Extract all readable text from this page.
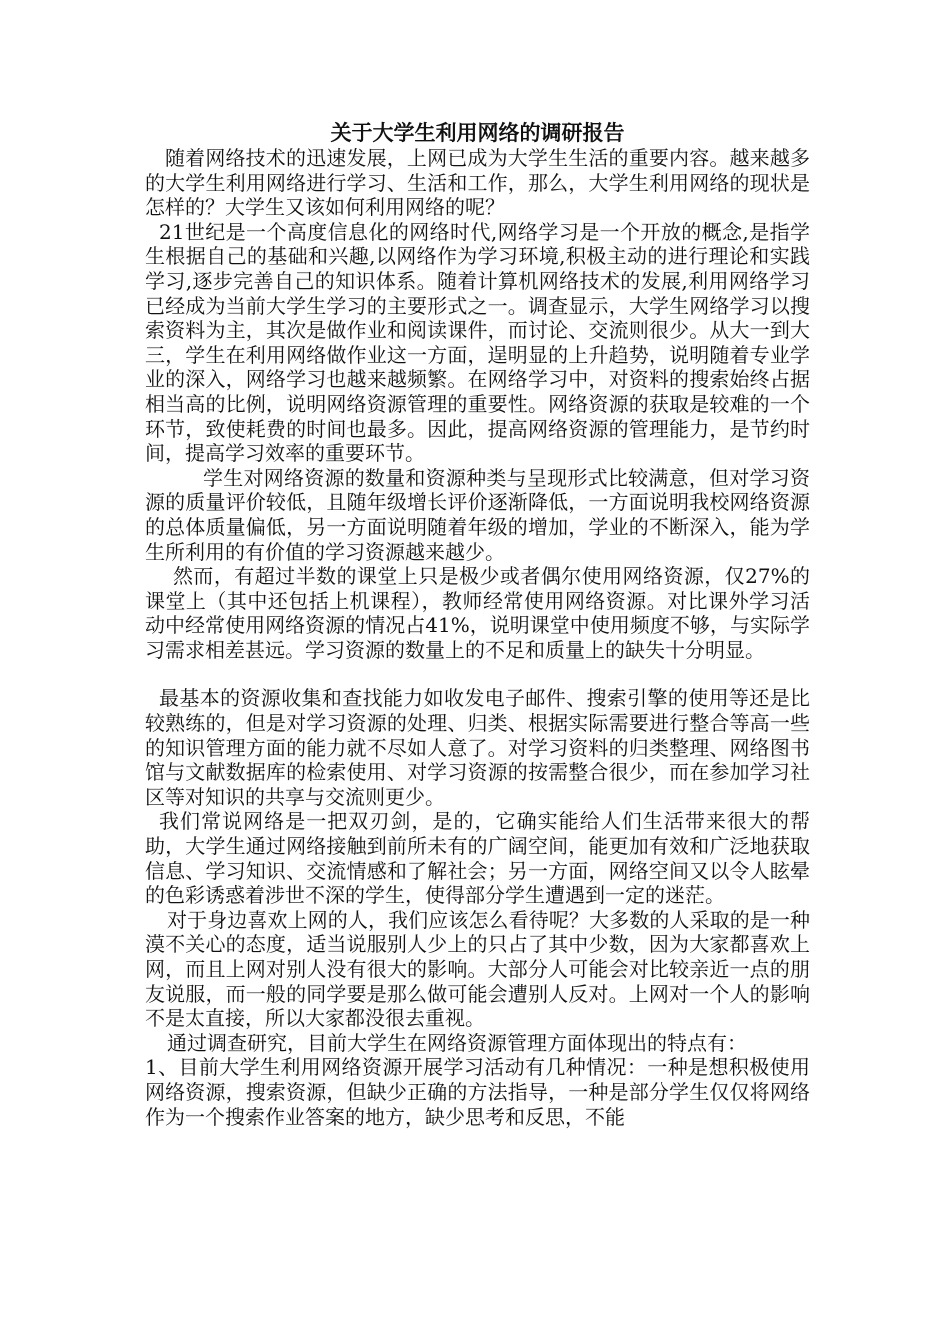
关于大学生利用网络的调研报告

随着网络技术的迅速发展，上网已成为大学生生活的重要内容。越来越多的大学生利用网络进行学习、生活和工作，那么，大学生利用网络的现状是怎样的？大学生又该如何利用网络的呢？

21世纪是一个高度信息化的网络时代,网络学习是一个开放的概念,是指学生根据自己的基础和兴趣,以网络作为学习环境,积极主动的进行理论和实践学习,逐步完善自己的知识体系。随着计算机网络技术的发展,利用网络学习已经成为当前大学生学习的主要形式之一。调查显示，大学生网络学习以搜索资料为主，其次是做作业和阅读课件，而讨论、交流则很少。从大一到大三，学生在利用网络做作业这一方面，逞明显的上升趋势，说明随着专业学业的深入，网络学习也越来越频繁。在网络学习中，对资料的搜索始终占据相当高的比例，说明网络资源管理的重要性。网络资源的获取是较难的一个环节，致使耗费的时间也最多。因此，提高网络资源的管理能力，是节约时间，提高学习效率的重要环节。

学生对网络资源的数量和资源种类与呈现形式比较满意，但对学习资源的质量评价较低，且随年级增长评价逐渐降低，一方面说明我校网络资源的总体质量偏低，另一方面说明随着年级的增加，学业的不断深入，能为学生所利用的有价值的学习资源越来越少。

然而，有超过半数的课堂上只是极少或者偶尔使用网络资源，仅27%的课堂上（其中还包括上机课程），教师经常使用网络资源。对比课外学习活动中经常使用网络资源的情况占41%，说明课堂中使用频度不够，与实际学习需求相差甚远。学习资源的数量上的不足和质量上的缺失十分明显。

最基本的资源收集和查找能力如收发电子邮件、搜索引擎的使用等还是比较熟练的，但是对学习资源的处理、归类、根据实际需要进行整合等高一些的知识管理方面的能力就不尽如人意了。对学习资料的归类整理、网络图书馆与文献数据库的检索使用、对学习资源的按需整合很少，而在参加学习社区等对知识的共享与交流则更少。

我们常说网络是一把双刃剑，是的，它确实能给人们生活带来很大的帮助，大学生通过网络接触到前所未有的广阔空间，能更加有效和广泛地获取信息、学习知识、交流情感和了解社会；另一方面，网络空间又以令人眩晕的色彩诱惑着涉世不深的学生，使得部分学生遭遇到一定的迷茫。

对于身边喜欢上网的人，我们应该怎么看待呢？大多数的人采取的是一种漠不关心的态度，适当说服别人少上的只占了其中少数，因为大家都喜欢上网，而且上网对别人没有很大的影响。大部分人可能会对比较亲近一点的朋友说服，而一般的同学要是那么做可能会遭别人反对。上网对一个人的影响不是太直接，所以大家都没很去重视。

通过调查研究，目前大学生在网络资源管理方面体现出的特点有：

1、目前大学生利用网络资源开展学习活动有几种情况：一种是想积极使用网络资源，搜索资源，但缺少正确的方法指导，一种是部分学生仅仅将网络作为一个搜索作业答案的地方，缺少思考和反思，不能
